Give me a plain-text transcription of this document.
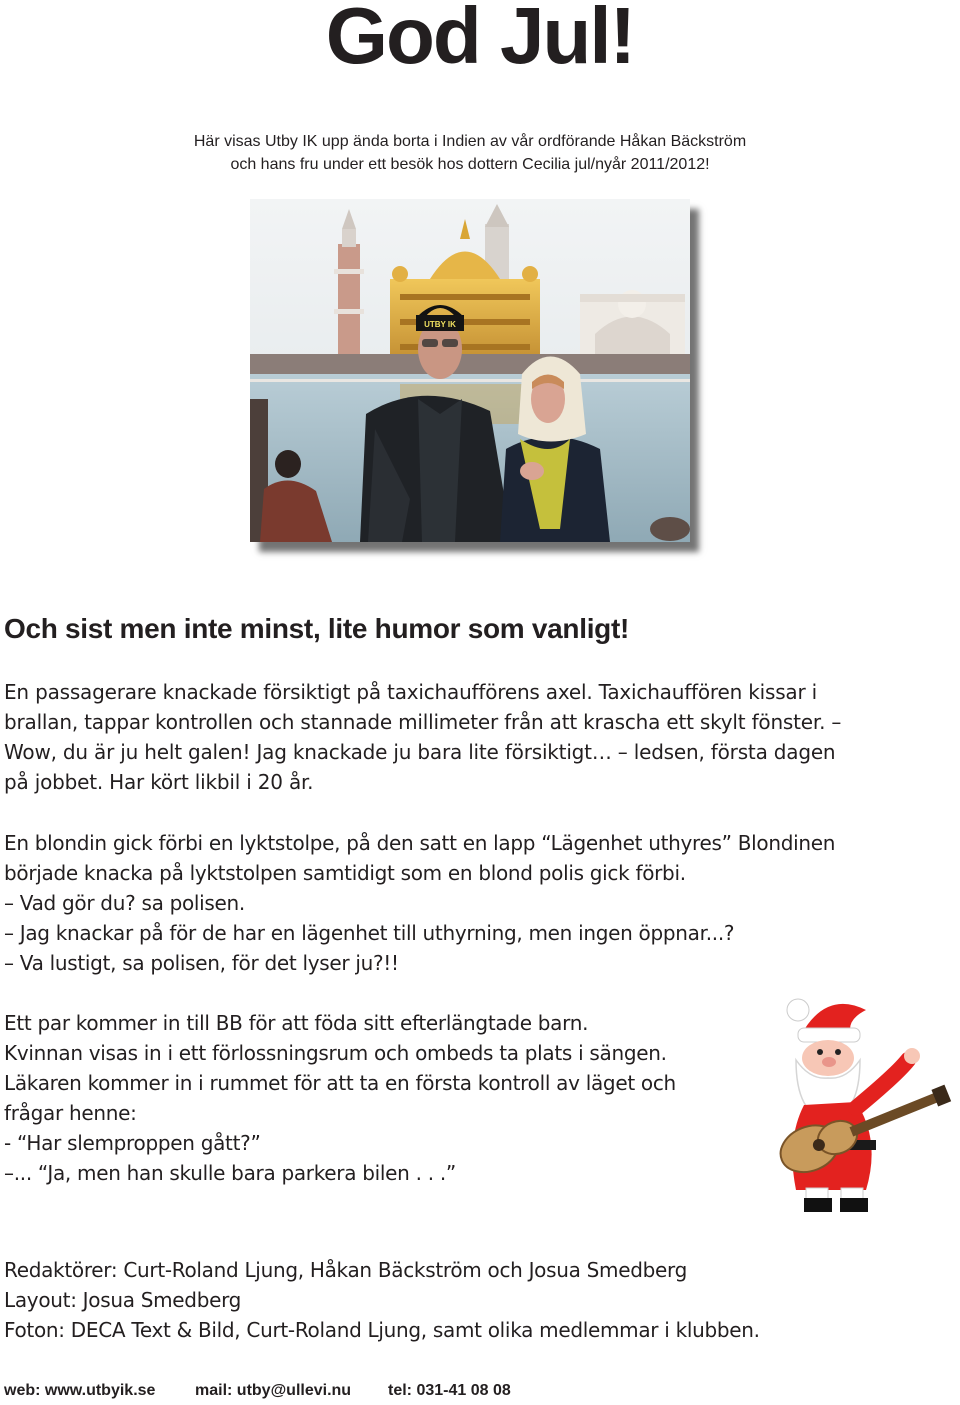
God Jul!
Här visas Utby IK upp ända borta i Indien av vår ordförande Håkan Bäckström
och hans fru under ett besök hos dottern Cecilia jul/nyår 2011/2012!
UTBY IK
Och sist men inte minst, lite humor som vanligt!
En passagerare knackade försiktigt på taxichaufförens axel. Taxichauffören kissar i
brallan, tappar kontrollen och stannade millimeter från att krascha ett skylt fönster. –
Wow, du är ju helt galen! Jag knackade ju bara lite försiktigt… – ledsen, första dagen
på jobbet. Har kört likbil i 20 år.
En blondin gick förbi en lyktstolpe, på den satt en lapp “Lägenhet uthyres” Blondinen
började knacka på lyktstolpen samtidigt som en blond polis gick förbi.
– Vad gör du? sa polisen.
– Jag knackar på för de har en lägenhet till uthyrning, men ingen öppnar...?
– Va lustigt, sa polisen, för det lyser ju?!!
Ett par kommer in till BB för att föda sitt efterlängtade barn.
Kvinnan visas in i ett förlossningsrum och ombeds ta plats i sängen.
Läkaren kommer in i rummet för att ta en första kontroll av läget och
frågar henne:
- “Har slemproppen gått?”
–... “Ja, men han skulle bara parkera bilen . . .”
Redaktörer: Curt-Roland Ljung, Håkan Bäckström och Josua Smedberg
Layout: Josua Smedberg
Foton: DECA Text & Bild, Curt-Roland Ljung, samt olika medlemmar i klubben.
web: www.utbyik.se mail: utby@ullevi.nu tel: 031-41 08 08
